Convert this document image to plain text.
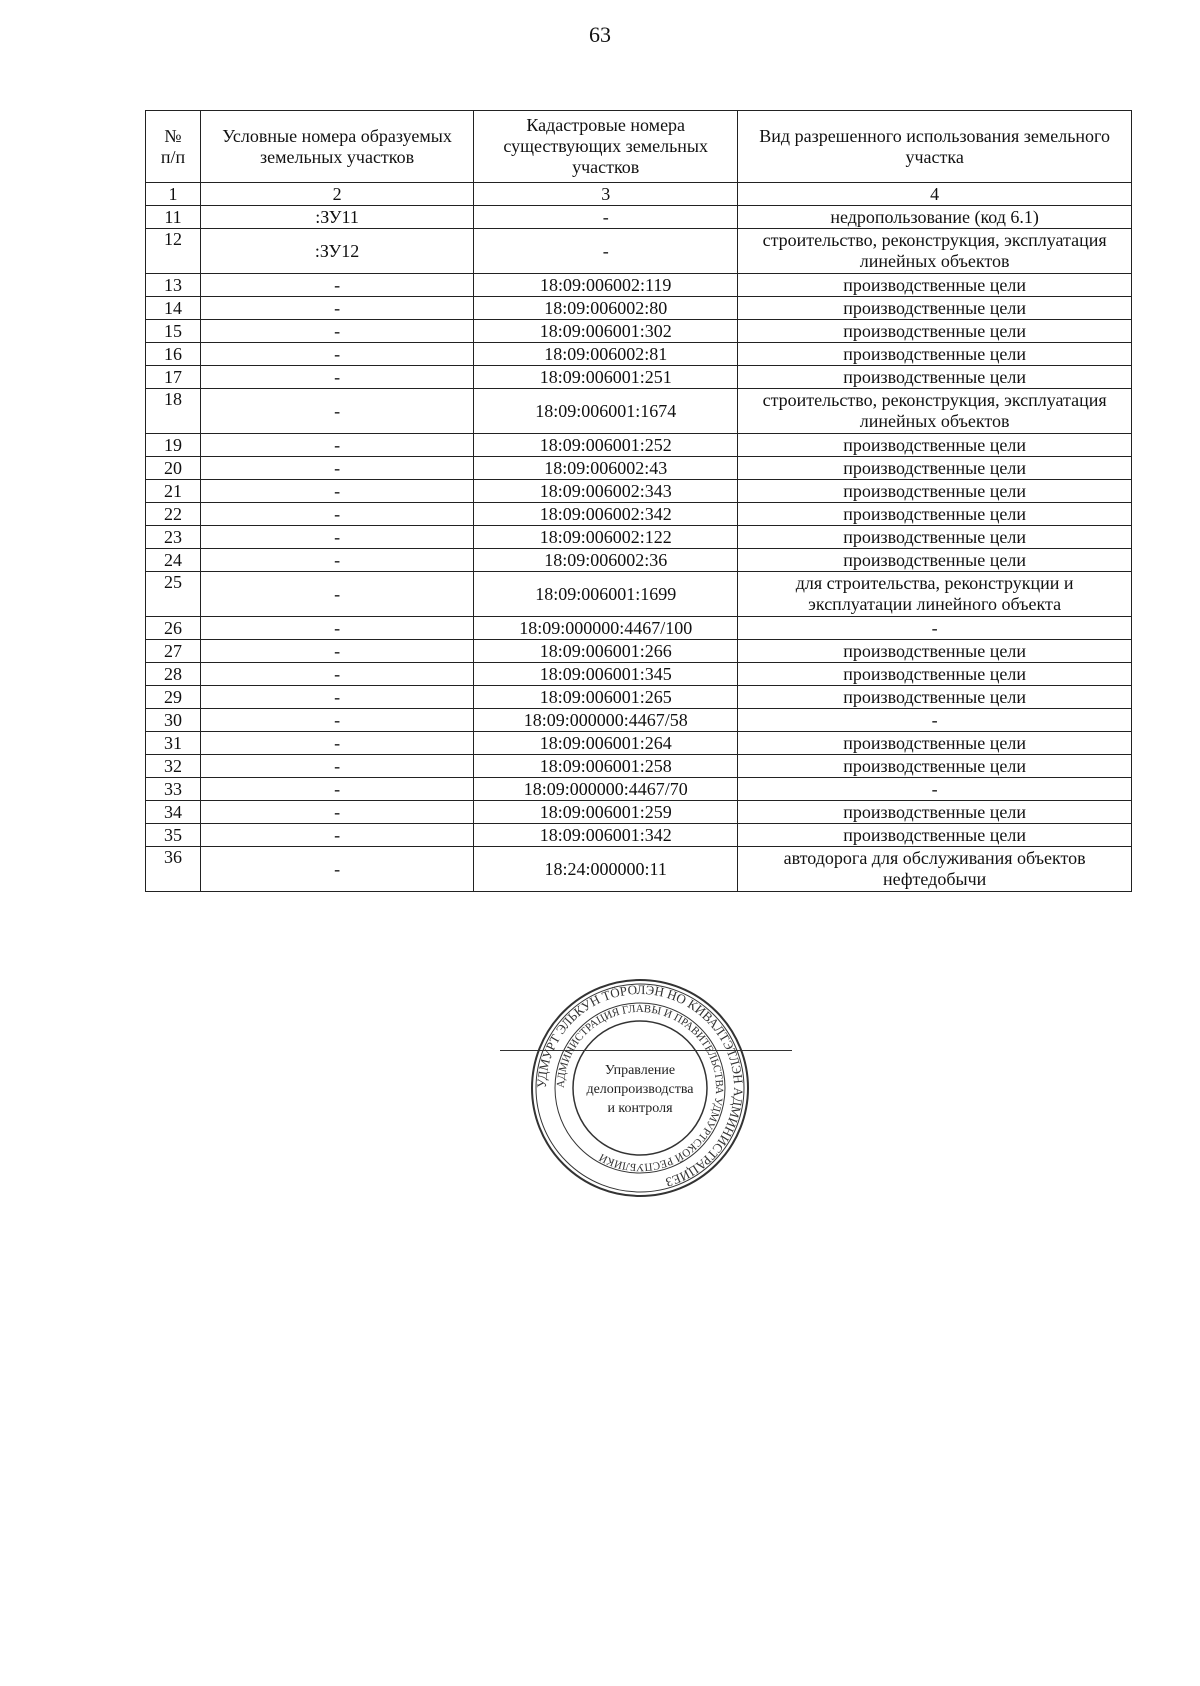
63
№
п/п	Условные номера образуемых земельных участков	Кадастровые номера существующих земельных участков	Вид разрешенного использования земельного участка
1	2	3	4
11	:ЗУ11	-	недропользование (код 6.1)
12	:ЗУ12	-	строительство, реконструкция, эксплуатация линейных объектов
13	-	18:09:006002:119	производственные цели
14	-	18:09:006002:80	производственные цели
15	-	18:09:006001:302	производственные цели
16	-	18:09:006002:81	производственные цели
17	-	18:09:006001:251	производственные цели
18	-	18:09:006001:1674	строительство, реконструкция, эксплуатация линейных объектов
19	-	18:09:006001:252	производственные цели
20	-	18:09:006002:43	производственные цели
21	-	18:09:006002:343	производственные цели
22	-	18:09:006002:342	производственные цели
23	-	18:09:006002:122	производственные цели
24	-	18:09:006002:36	производственные цели
25	-	18:09:006001:1699	для строительства, реконструкции и эксплуатации линейного объекта
26	-	18:09:000000:4467/100	-
27	-	18:09:006001:266	производственные цели
28	-	18:09:006001:345	производственные цели
29	-	18:09:006001:265	производственные цели
30	-	18:09:000000:4467/58	-
31	-	18:09:006001:264	производственные цели
32	-	18:09:006001:258	производственные цели
33	-	18:09:000000:4467/70	-
34	-	18:09:006001:259	производственные цели
35	-	18:09:006001:342	производственные цели
36	-	18:24:000000:11	автодорога для обслуживания объектов нефтедобычи
УДМУРТ ЭЛЬКУН ТӦРОЛЭН НО КИВАЛТЭТЛЭН АДМИНИСТРАЦИЕЗ
АДМИНИСТРАЦИЯ ГЛАВЫ И ПРАВИТЕЛЬСТВА УДМУРТСКОЙ РЕСПУБЛИКИ
Управление
делопроизводства
и контроля
